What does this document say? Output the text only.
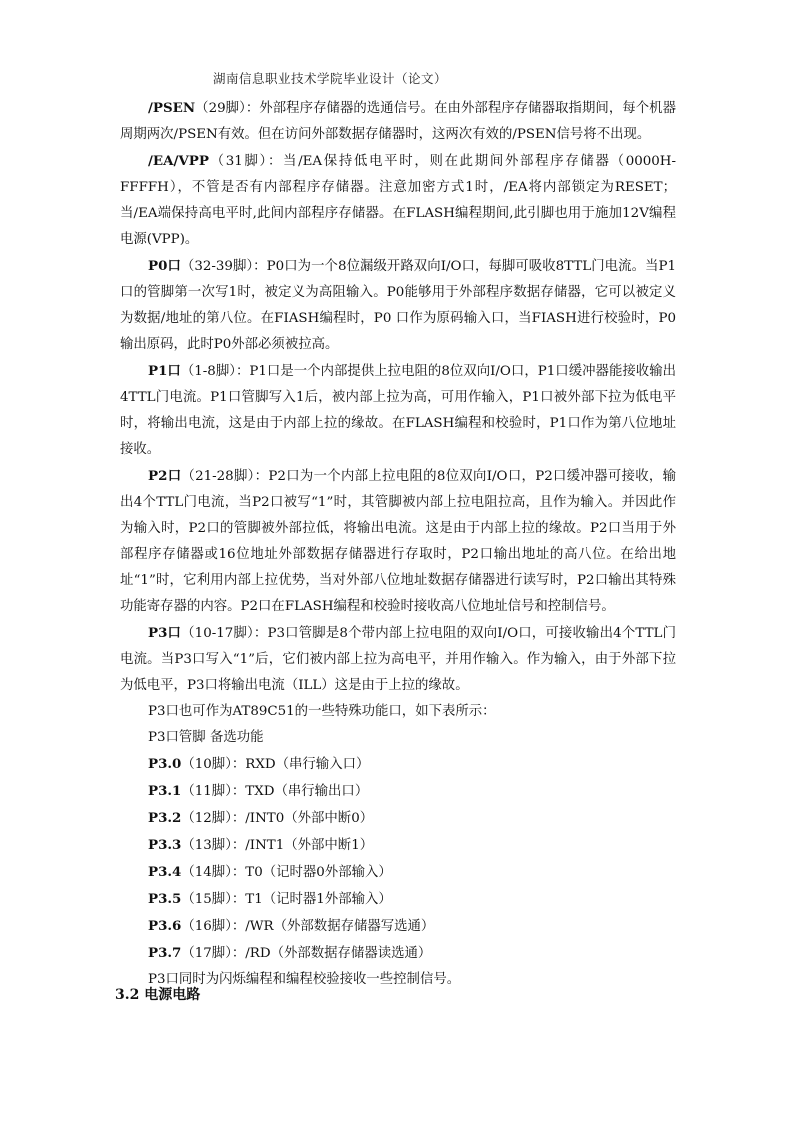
湖南信息职业技术学院毕业设计（论文）

/PSEN（29脚）：外部程序存储器的选通信号。在由外部程序存储器取指期间，每个机器周期两次/PSEN有效。但在访问外部数据存储器时，这两次有效的/PSEN信号将不出现。

/EA/VPP（31脚）：当/EA保持低电平时，则在此期间外部程序存储器（0000H-FFFFH），不管是否有内部程序存储器。注意加密方式1时，/EA将内部锁定为RESET；当/EA端保持高电平时,此间内部程序存储器。在FLASH编程期间,此引脚也用于施加12V编程电源(VPP)。

P0口（32-39脚）：P0口为一个8位漏级开路双向I/O口，每脚可吸收8TTL门电流。当P1口的管脚第一次写1时，被定义为高阻输入。P0能够用于外部程序数据存储器，它可以被定义为数据/地址的第八位。在FIASH编程时，P0 口作为原码输入口，当FIASH进行校验时，P0输出原码，此时P0外部必须被拉高。

P1口（1-8脚）：P1口是一个内部提供上拉电阻的8位双向I/O口，P1口缓冲器能接收输出4TTL门电流。P1口管脚写入1后，被内部上拉为高，可用作输入，P1口被外部下拉为低电平时，将输出电流，这是由于内部上拉的缘故。在FLASH编程和校验时，P1口作为第八位地址接收。

P2口（21-28脚）：P2口为一个内部上拉电阻的8位双向I/O口，P2口缓冲器可接收，输出4个TTL门电流，当P2口被写“1”时，其管脚被内部上拉电阻拉高，且作为输入。并因此作为输入时，P2口的管脚被外部拉低，将输出电流。这是由于内部上拉的缘故。P2口当用于外部程序存储器或16位地址外部数据存储器进行存取时，P2口输出地址的高八位。在给出地址“1”时，它利用内部上拉优势，当对外部八位地址数据存储器进行读写时，P2口输出其特殊功能寄存器的内容。P2口在FLASH编程和校验时接收高八位地址信号和控制信号。

P3口（10-17脚）：P3口管脚是8个带内部上拉电阻的双向I/O口，可接收输出4个TTL门电流。当P3口写入“1”后，它们被内部上拉为高电平，并用作输入。作为输入，由于外部下拉为低电平，P3口将输出电流（ILL）这是由于上拉的缘故。

P3口也可作为AT89C51的一些特殊功能口，如下表所示：

P3口管脚 备选功能

P3.0（10脚）：RXD（串行输入口）
P3.1（11脚）：TXD（串行输出口）
P3.2（12脚）：/INT0（外部中断0）
P3.3（13脚）：/INT1（外部中断1）
P3.4（14脚）：T0（记时器0外部输入）
P3.5（15脚）：T1（记时器1外部输入）
P3.6（16脚）：/WR（外部数据存储器写选通）
P3.7（17脚）：/RD（外部数据存储器读选通）

P3口同时为闪烁编程和编程校验接收一些控制信号。

3.2 电源电路
